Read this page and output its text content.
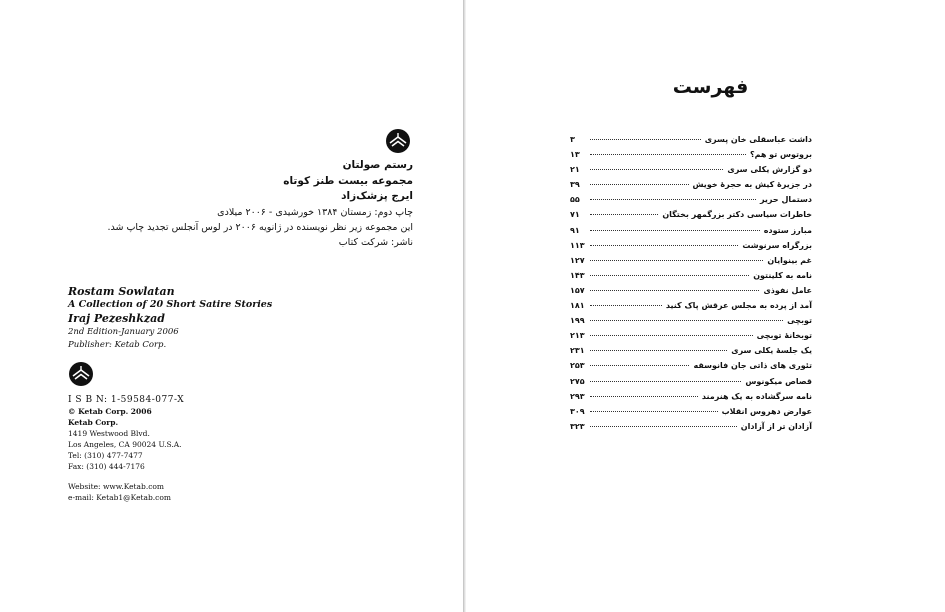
رستم صولتان
مجموعه بیست طنز کوتاه
ایرج پزشک‌زاد
چاپ دوم: زمستان ۱۳۸۴ خورشیدی - ۲۰۰۶ میلادی
این مجموعه زیر نظر نویسنده در ژانویه ۲۰۰۶ در لوس آنجلس تجدید چاپ شد.
ناشر: شرکت کتاب
Rostam Sowlatan
A Collection of 20 Short Satire Stories
Iraj Pezeshkzad
2nd Edition-January 2006
Publisher: Ketab Corp.
I S B N: 1-59584-077-X
© Ketab Corp. 2006
Ketab Corp.
1419 Westwood Blvd.
Los Angeles, CA 90024 U.S.A.
Tel: (310) 477-7477
Fax: (310) 444-7176
Website: www.Ketab.com
e-mail: Ketab1@Ketab.com
فهرست
داشت عباسقلی خان پسری
۳
بروتوس تو هم؟
۱۳
دو گزارش یکلی سری
۲۱
در جزیرۀ کیش به حجرۀ خویش
۳۹
دستمال حریر
۵۵
خاطرات سیاسی دکتر بزرگمهر بختگان
۷۱
مبارز ستوده
۹۱
بزرگراه سرنوشت
۱۱۳
غم بینوایان
۱۲۷
نامه به کلینتون
۱۴۳
عامل نفوذی
۱۵۷
آمد از پرده به مجلس عرقش پاک کنید
۱۸۱
توبچی
۱۹۹
توبخانۀ توبچی
۲۱۳
یک جلسۀ یکلی سری
۲۳۱
تئوری های ذاتی جان فانوسقه
۲۵۳
قصاص میکونوس
۲۷۵
نامه سرگشاده به یک هنرمند
۲۹۳
عوارض دهروس انقلاب
۳۰۹
آزادان تر از آزادان
۳۲۳
